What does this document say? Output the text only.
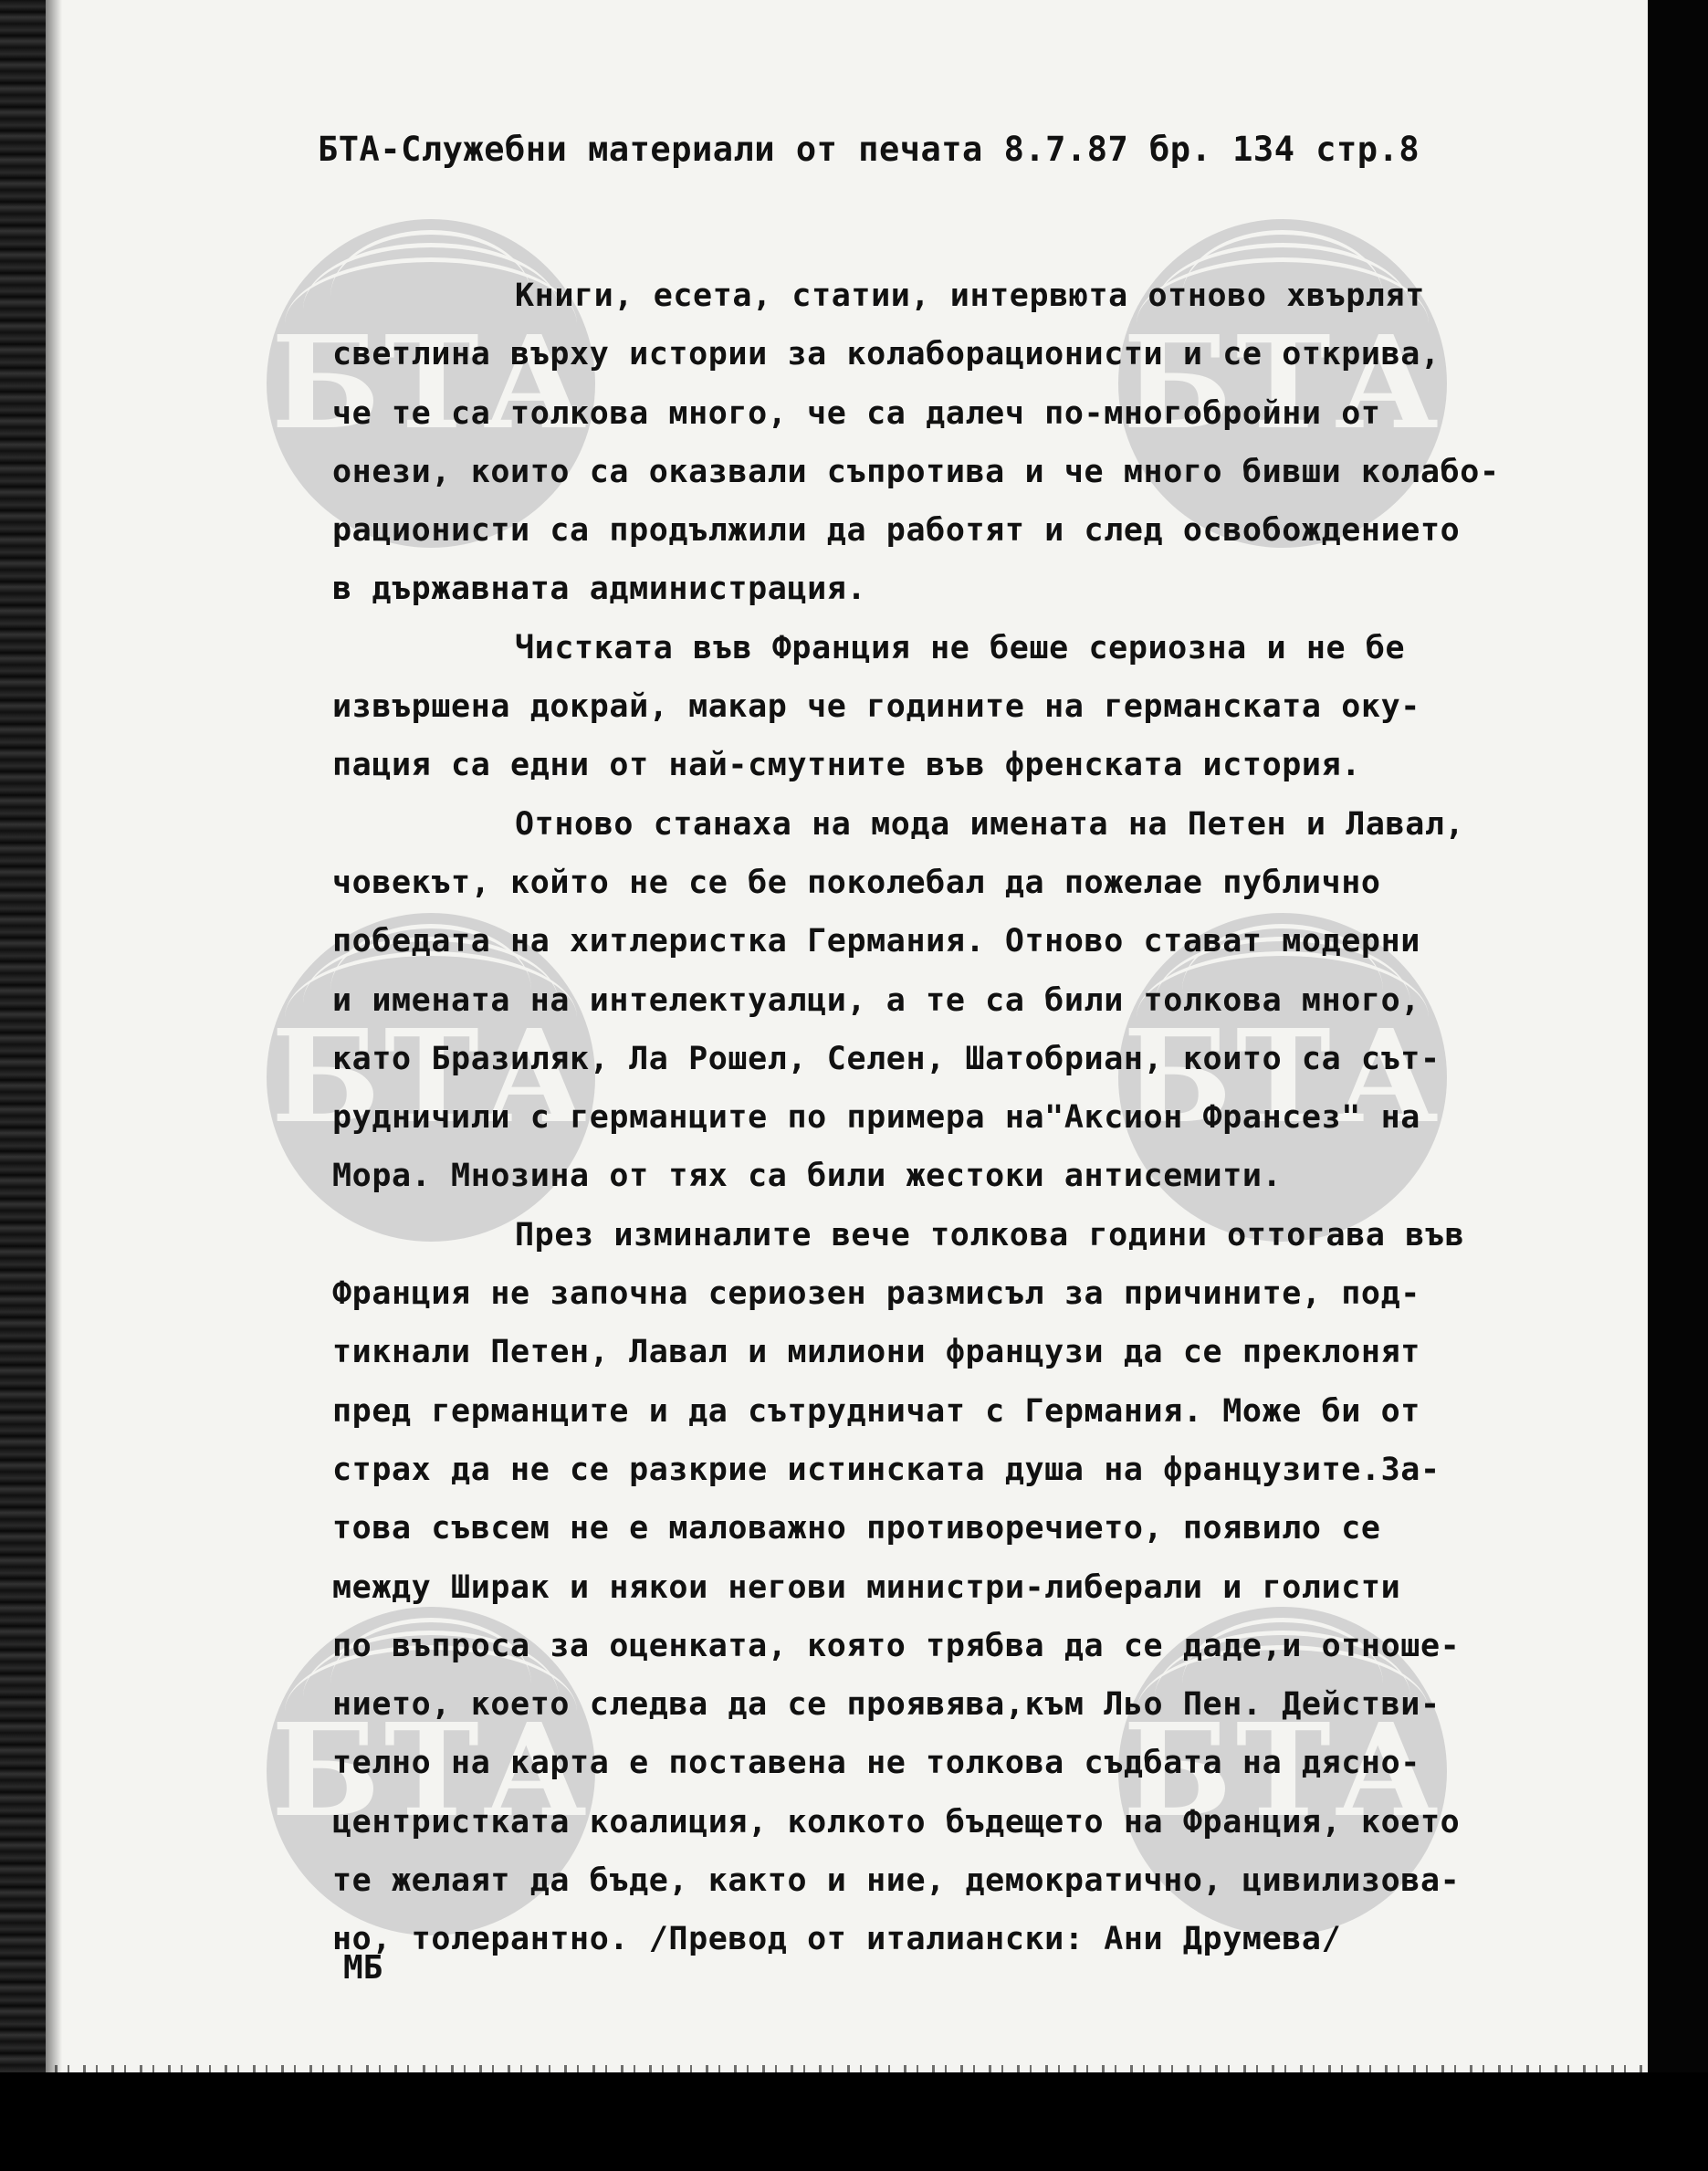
БТА	БТА
БТА	БТА
БТА	БТА
БТА-Служебни материали от печата 8.7.87 бр. 134 стр.8
Книги, есета, статии, интервюта отново хвърлят
светлина върху истории за колаборационисти и се открива,
че те са толкова много, че са далеч по-многобройни от
онези, които са оказвали съпротива и че много бивши колабо-
рационисти са продължили да работят и след освобождението
в държавната администрация.
Чистката във Франция не беше сериозна и не бе
извършена докрай, макар че годините на германската оку-
пация са едни от най-смутните във френската история.
Отново станаха на мода имената на Петен и Лавал,
човекът, който не се бе поколебал да пожелае публично
победата на хитлеристка Германия. Отново стават модерни
и имената на интелектуалци, а те са били толкова много,
като Бразиляк, Ла Рошел, Селен, Шатобриан, които са сът-
рудничили с германците по примера на"Аксион Франсез" на
Мора. Мнозина от тях са били жестоки антисемити.
През изминалите вече толкова години оттогава във
Франция не започна сериозен размисъл за причините, под-
тикнали Петен, Лавал и милиони французи да се преклонят
пред германците и да сътрудничат с Германия. Може би от
страх да не се разкрие истинската душа на французите.За-
това съвсем не е маловажно противоречието, появило се
между Ширак и някои негови министри-либерали и голисти
по въпроса за оценката, която трябва да се даде,и отноше-
нието, което следва да се проявява,към Льо Пен. Действи-
телно на карта е поставена не толкова съдбата на дясно-
центристката коалиция, колкото бъдещето на Франция, което
те желаят да бъде, както и ние, демократично, цивилизова-
но, толерантно. /Превод от италиански: Ани Друмева/
МБ
